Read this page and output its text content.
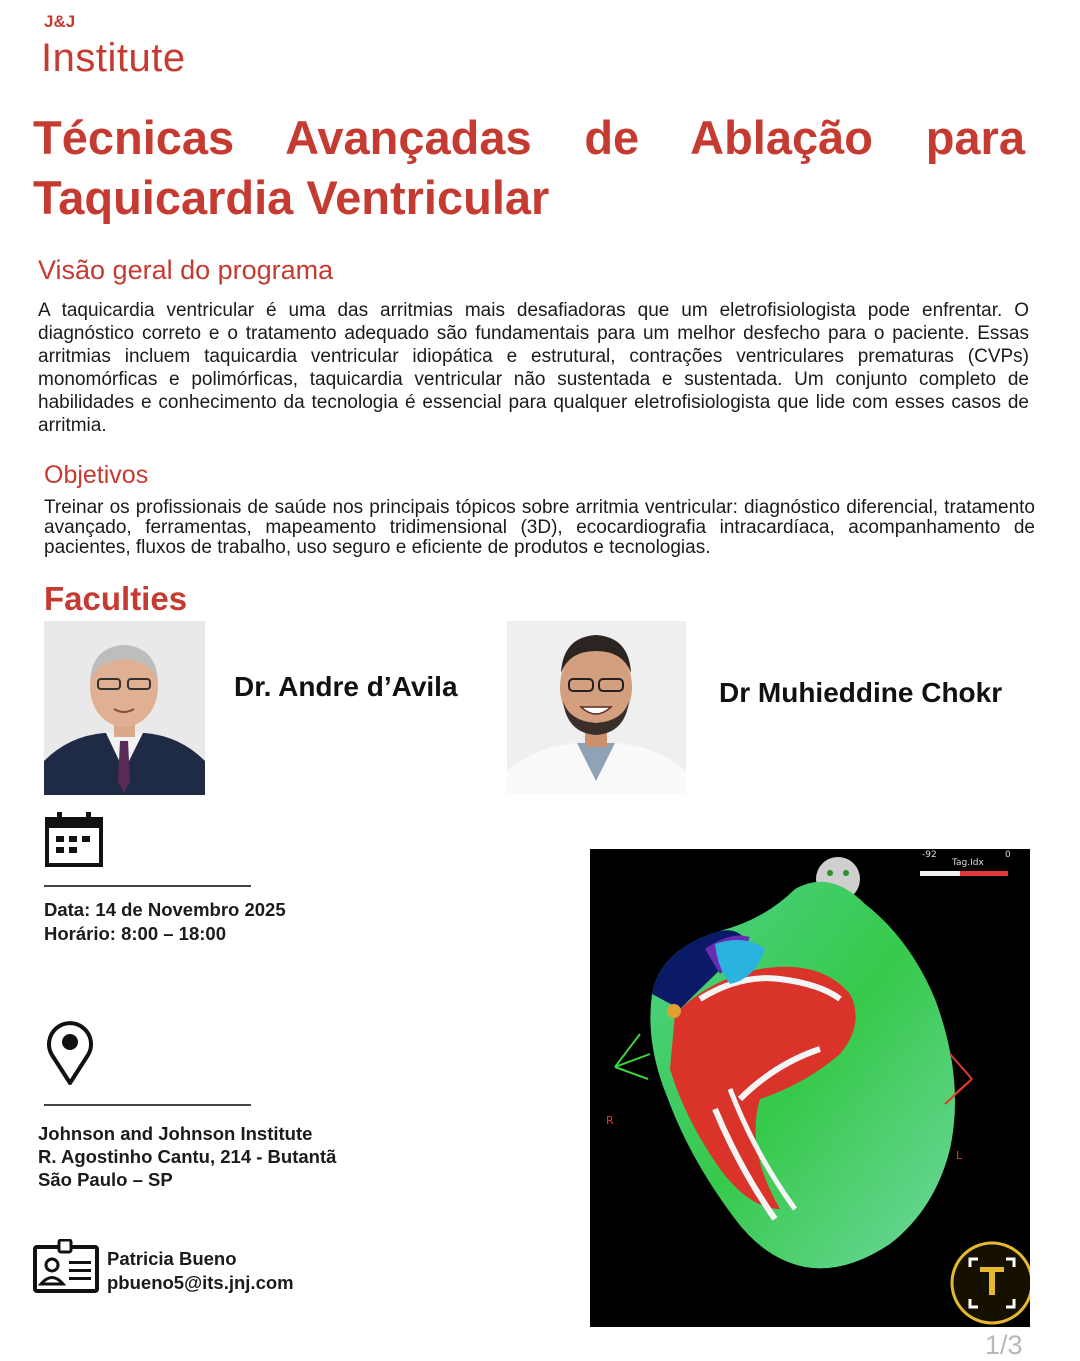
J&J
Institute
Técnicas Avançadas de Ablação para Taquicardia Ventricular
Visão geral do programa
A taquicardia ventricular é uma das arritmias mais desafiadoras que um eletrofisiologista pode enfrentar. O diagnóstico correto e o tratamento adequado são fundamentais para um melhor desfecho para o paciente. Essas arritmias incluem taquicardia ventricular idiopática e estrutural, contrações ventriculares prematuras (CVPs) monomórficas e polimórficas, taquicardia ventricular não sustentada e sustentada. Um conjunto completo de habilidades e conhecimento da tecnologia é essencial para qualquer eletrofisiologista que lide com esses casos de arritmia.
Objetivos
Treinar os profissionais de saúde nos principais tópicos sobre arritmia ventricular: diagnóstico diferencial, tratamento avançado, ferramentas, mapeamento tridimensional (3D), ecocardiografia intracardíaca, acompanhamento de pacientes, fluxos de trabalho, uso seguro e eficiente de produtos e tecnologias.
Faculties
Dr. Andre d’Avila	Dr Muhieddine Chokr
Data: 14 de Novembro 2025
Horário: 8:00 – 18:00
Johnson and Johnson Institute
R. Agostinho Cantu, 214 - Butantã
São Paulo – SP
Patricia Bueno
pbueno5@its.jnj.com
-92	0
Tag.Idx
R
L
1/3
